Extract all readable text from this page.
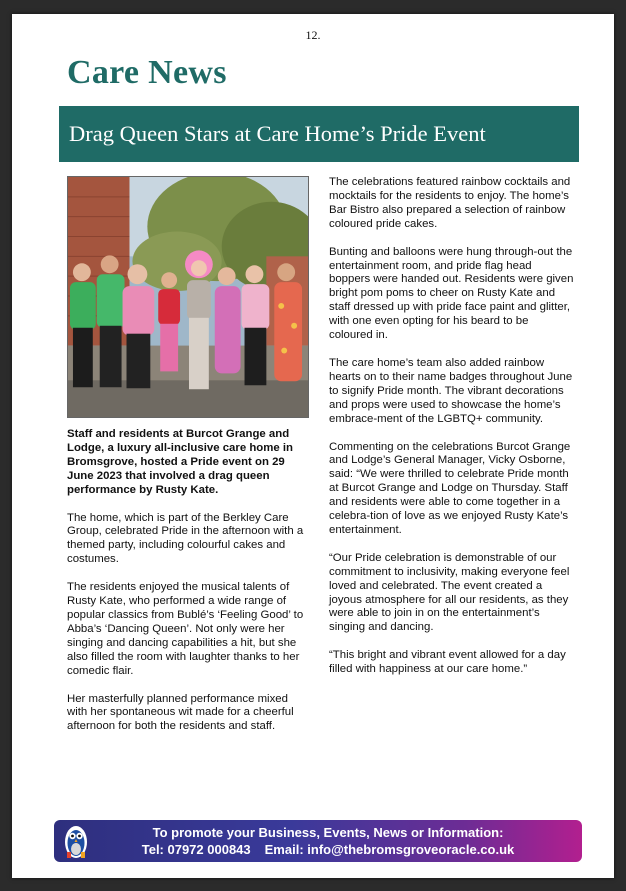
12.
Care News
Drag Queen Stars at Care Home’s Pride Event

Staff and residents at Burcot Grange and Lodge, a luxury all-inclusive care home in Bromsgrove, hosted a Pride event on 29 June 2023 that involved a drag queen performance by Rusty Kate.

The home, which is part of the Berkley Care Group, celebrated Pride in the afternoon with a themed party, including colourful cakes and costumes.

The residents enjoyed the musical talents of Rusty Kate, who performed a wide range of popular classics from Bublé’s ‘Feeling Good’ to Abba’s ‘Dancing Queen’. Not only were her singing and dancing capabilities a hit, but she also filled the room with laughter thanks to her comedic flair.

Her masterfully planned performance mixed with her spontaneous wit made for a cheerful afternoon for both the residents and staff.

The celebrations featured rainbow cocktails and mocktails for the residents to enjoy. The home’s Bar Bistro also prepared a selection of rainbow coloured pride cakes.

Bunting and balloons were hung through-out the entertainment room, and pride flag head boppers were handed out. Residents were given bright pom poms to cheer on Rusty Kate and staff dressed up with pride face paint and glitter, with one even opting for his beard to be coloured in.

The care home’s team also added rainbow hearts on to their name badges throughout June to signify Pride month. The vibrant decorations and props were used to showcase the home’s embrace-ment of the LGBTQ+ community.

Commenting on the celebrations Burcot Grange and Lodge’s General Manager, Vicky Osborne, said: “We were thrilled to celebrate Pride month at Burcot Grange and Lodge on Thursday. Staff and residents were able to come together in a celebra-tion of love as we enjoyed Rusty Kate’s entertainment.

“Our Pride celebration is demonstrable of our commitment to inclusivity, making everyone feel loved and celebrated. The event created a joyous atmosphere for all our residents, as they were able to join in on the entertainment’s singing and dancing.

“This bright and vibrant event allowed for a day filled with happiness at our care home.”

To promote your Business, Events, News or Information:
Tel: 07972 000843 Email: info@thebromsgroveoracle.co.uk
